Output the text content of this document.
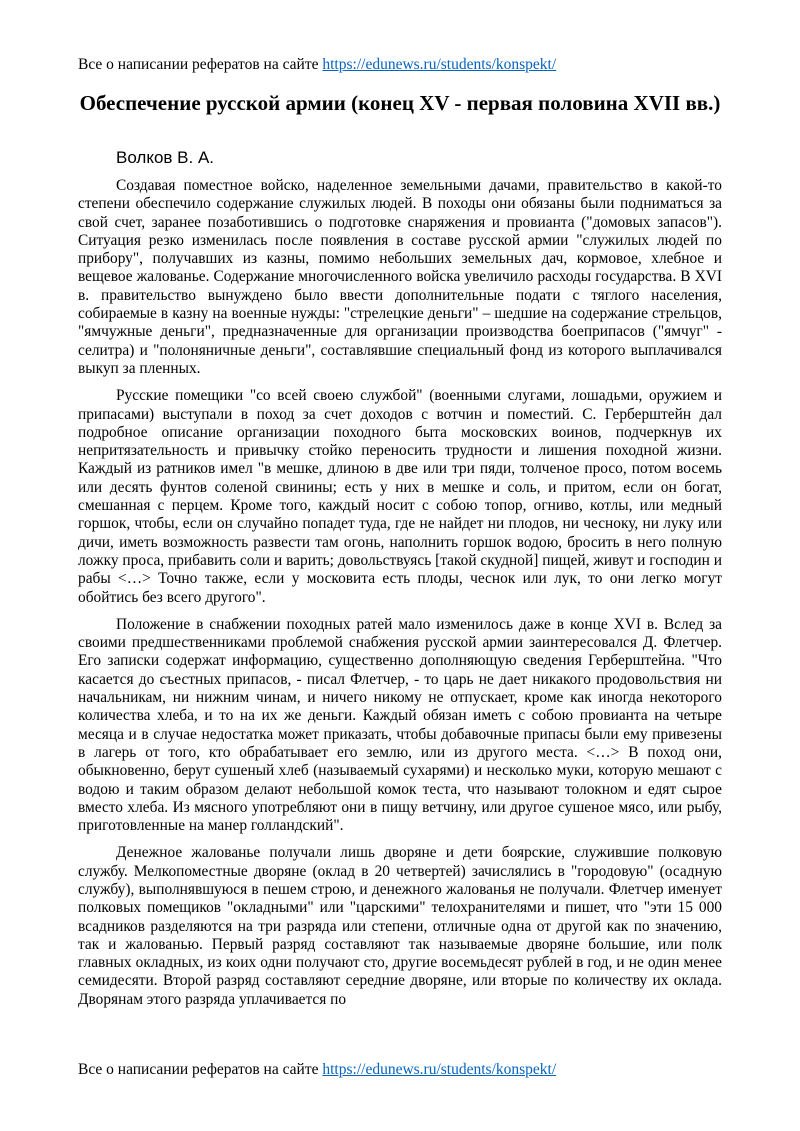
Все о написании рефератов на сайте https://edunews.ru/students/konspekt/
Обеспечение русской армии (конец XV - первая половина XVII вв.)
Волков В. А.

Создавая поместное войско, наделенное земельными дачами, правительство в какой-то степени обеспечило содержание служилых людей. В походы они обязаны были подниматься за свой счет, заранее позаботившись о подготовке снаряжения и провианта ("домовых запасов"). Ситуация резко изменилась после появления в составе русской армии "служилых людей по прибору", получавших из казны, помимо небольших земельных дач, кормовое, хлебное и вещевое жалованье. Содержание многочисленного войска увеличило расходы государства. В XVI в. правительство вынуждено было ввести дополнительные подати с тяглого населения, собираемые в казну на военные нужды: "стрелецкие деньги" – шедшие на содержание стрельцов, "ямчужные деньги", предназначенные для организации производства боеприпасов ("ямчуг" - селитра) и "полоняничные деньги", составлявшие специальный фонд из которого выплачивался выкуп за пленных.

Русские помещики "со всей своею службой" (военными слугами, лошадьми, оружием и припасами) выступали в поход за счет доходов с вотчин и поместий. С. Герберштейн дал подробное описание организации походного быта московских воинов, подчеркнув их непритязательность и привычку стойко переносить трудности и лишения походной жизни. Каждый из ратников имел "в мешке, длиною в две или три пяди, толченое просо, потом восемь или десять фунтов соленой свинины; есть у них в мешке и соль, и притом, если он богат, смешанная с перцем. Кроме того, каждый носит с собою топор, огниво, котлы, или медный горшок, чтобы, если он случайно попадет туда, где не найдет ни плодов, ни чесноку, ни луку или дичи, иметь возможность развести там огонь, наполнить горшок водою, бросить в него полную ложку проса, прибавить соли и варить; довольствуясь [такой скудной] пищей, живут и господин и рабы <…> Точно также, если у московита есть плоды, чеснок или лук, то они легко могут обойтись без всего другого".

Положение в снабжении походных ратей мало изменилось даже в конце XVI в. Вслед за своими предшественниками проблемой снабжения русской армии заинтересовался Д. Флетчер. Его записки содержат информацию, существенно дополняющую сведения Герберштейна. "Что касается до съестных припасов, - писал Флетчер, - то царь не дает никакого продовольствия ни начальникам, ни нижним чинам, и ничего никому не отпускает, кроме как иногда некоторого количества хлеба, и то на их же деньги. Каждый обязан иметь с собою провианта на четыре месяца и в случае недостатка может приказать, чтобы добавочные припасы были ему привезены в лагерь от того, кто обрабатывает его землю, или из другого места. <…> В поход они, обыкновенно, берут сушеный хлеб (называемый сухарями) и несколько муки, которую мешают с водою и таким образом делают небольшой комок теста, что называют толокном и едят сырое вместо хлеба. Из мясного употребляют они в пищу ветчину, или другое сушеное мясо, или рыбу, приготовленные на манер голландский".

Денежное жалованье получали лишь дворяне и дети боярские, служившие полковую службу. Мелкопоместные дворяне (оклад в 20 четвертей) зачислялись в "городовую" (осадную службу), выполнявшуюся в пешем строю, и денежного жалованья не получали. Флетчер именует полковых помещиков "окладными" или "царскими" телохранителями и пишет, что "эти 15 000 всадников разделяются на три разряда или степени, отличные одна от другой как по значению, так и жалованью. Первый разряд составляют так называемые дворяне большие, или полк главных окладных, из коих одни получают сто, другие восемьдесят рублей в год, и не один менее семидесяти. Второй разряд составляют середние дворяне, или вторые по количеству их оклада. Дворянам этого разряда уплачивается по

Все о написании рефератов на сайте https://edunews.ru/students/konspekt/
